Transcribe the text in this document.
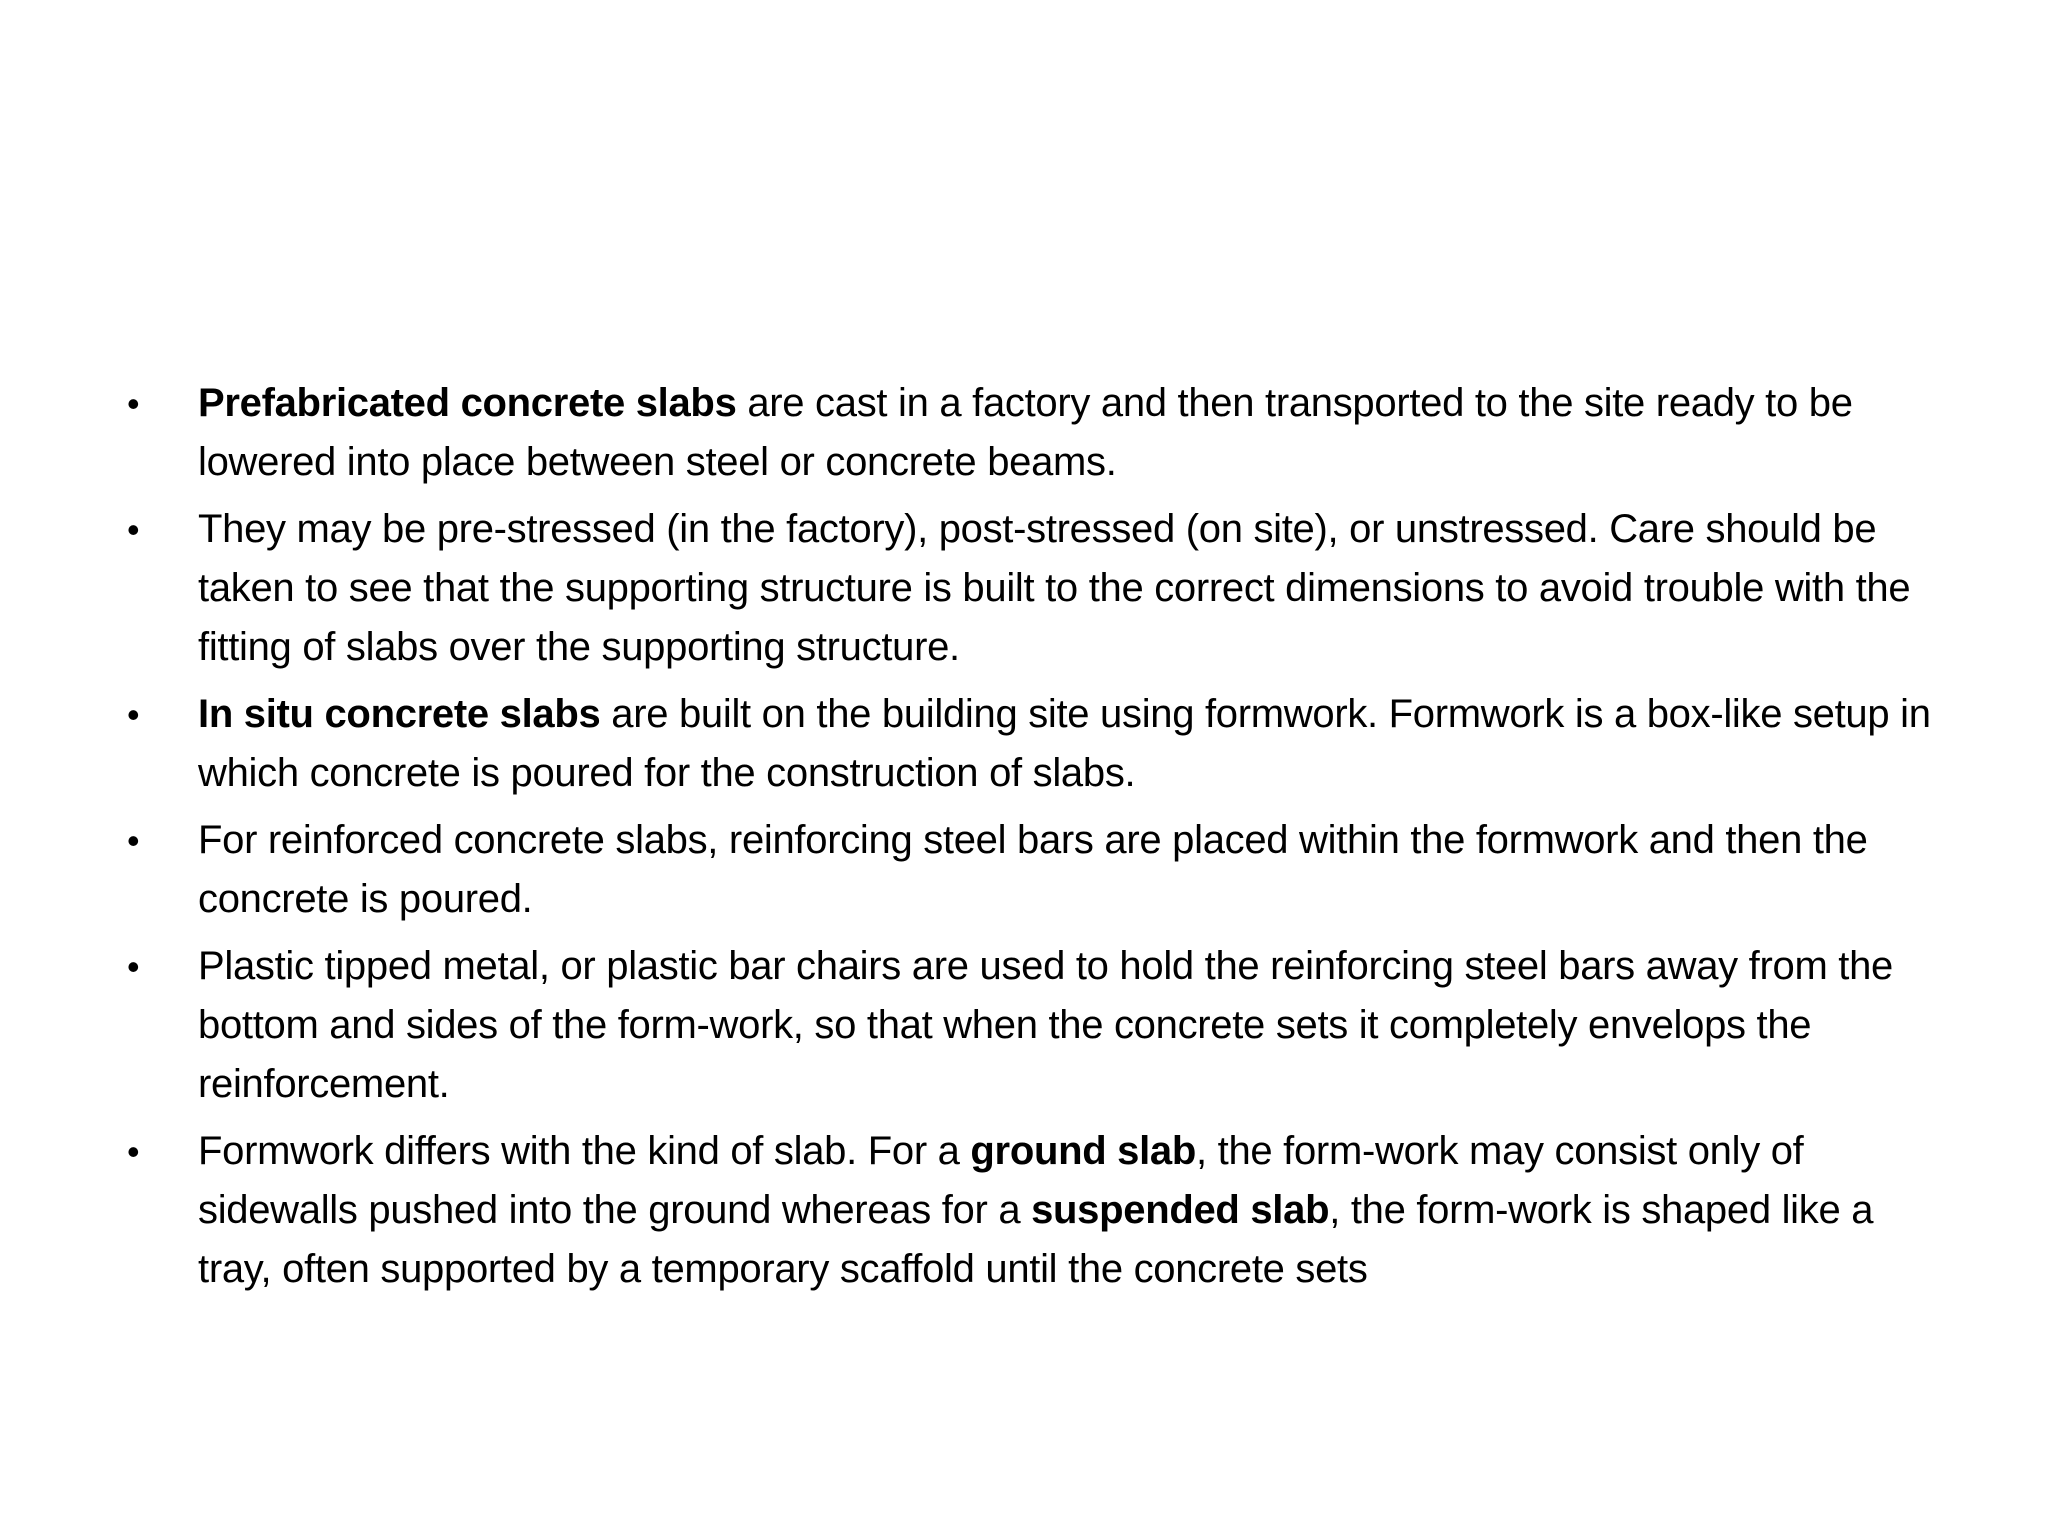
• Prefabricated concrete slabs are cast in a factory and then transported to the site ready to be lowered into place between steel or concrete beams.
• They may be pre-stressed (in the factory), post-stressed (on site), or unstressed. Care should be taken to see that the supporting structure is built to the correct dimensions to avoid trouble with the fitting of slabs over the supporting structure.
• In situ concrete slabs are built on the building site using formwork. Formwork is a box-like setup in which concrete is poured for the construction of slabs.
• For reinforced concrete slabs, reinforcing steel bars are placed within the formwork and then the concrete is poured.
• Plastic tipped metal, or plastic bar chairs are used to hold the reinforcing steel bars away from the bottom and sides of the form-work, so that when the concrete sets it completely envelops the reinforcement.
• Formwork differs with the kind of slab. For a ground slab, the form-work may consist only of sidewalls pushed into the ground whereas for a suspended slab, the form-work is shaped like a tray, often supported by a temporary scaffold until the concrete sets
